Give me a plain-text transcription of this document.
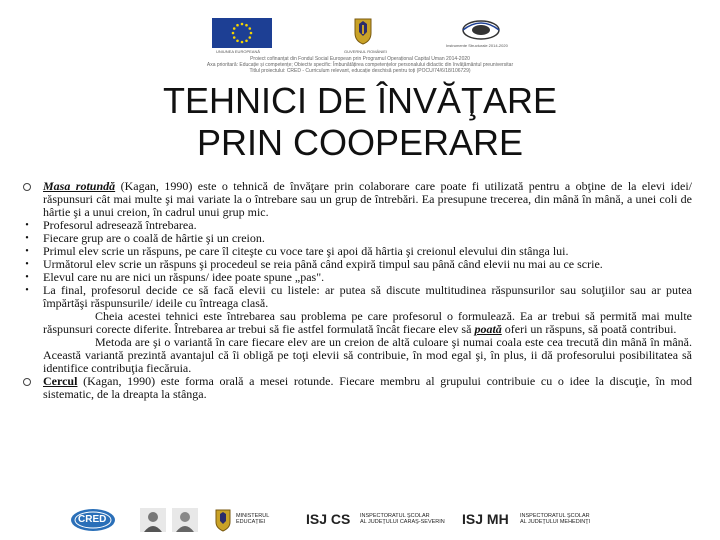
UNIUNEA EUROPEANĂ	GUVERNUL ROMÂNIEI
Instrumente Structurale 2014-2020
Proiect cofinanțat din Fondul Social European prin Programul Operațional Capital Uman 2014-2020
Axa prioritară: Educație și competențe; Obiectiv specific: Îmbunătățirea competențelor personalului didactic din învățământul preuniversitar
Titlul proiectului: CRED - Curriculum relevant, educație deschisă pentru toți (POCU/74/6/18/106729)
TEHNICI DE ÎNVĂŢARE
PRIN COOPERARE
Masa rotundă (Kagan, 1990) este o tehnică de învăţare prin colaborare care poate fi utilizată pentru a obţine de la elevi idei/ răspunsuri cât mai multe şi mai variate la o întrebare sau un grup de întrebări. Ea presupune trecerea, din mână în mână, a unei coli de hârtie şi a unui creion, în cadrul unui grup mic.
•	Profesorul adresează întrebarea.
•	Fiecare grup are o coală de hârtie şi un creion.
•	Primul elev scrie un răspuns, pe care îl citeşte cu voce tare şi apoi dă hârtia şi creionul elevului din stânga lui.
•	Următorul elev scrie un răspuns şi procedeul se reia până când expiră timpul sau până când elevii nu mai au ce scrie.
•	Elevul care nu are nici un răspuns/ idee poate spune „pas".
•	La final, profesorul decide ce să facă elevii cu listele: ar putea să discute multitudinea răspunsurilor sau soluţiilor sau ar putea împărtăşi răspunsurile/ ideile cu întreaga clasă.
Cheia acestei tehnici este întrebarea sau problema pe care profesorul o formulează. Ea ar trebui să permită mai multe răspunsuri corecte diferite. Întrebarea ar trebui să fie astfel formulată încât fiecare elev să poată oferi un răspuns, să poată contribui.
Metoda are şi o variantă în care fiecare elev are un creion de altă culoare şi numai coala este cea trecută din mână în mână. Această variantă prezintă avantajul că îi obligă pe toţi elevii să contribuie, în mod egal şi, în plus, ii dă profesorului posibilitatea să identifice contribuţia fiecăruia.
Cercul (Kagan, 1990) este forma orală a mesei rotunde. Fiecare membru al grupului contribuie cu o idee la discuţie, în mod sistematic, de la dreapta la stânga.
CRED	MINISTERUL
EDUCAȚIEI	ISJ CS INSPECTORATUL ŞCOLAR
AL JUDEŢULUI CARAŞ-SEVERIN ISJ MH INSPECTORATUL ŞCOLAR
AL JUDEŢULUI MEHEDINŢI
